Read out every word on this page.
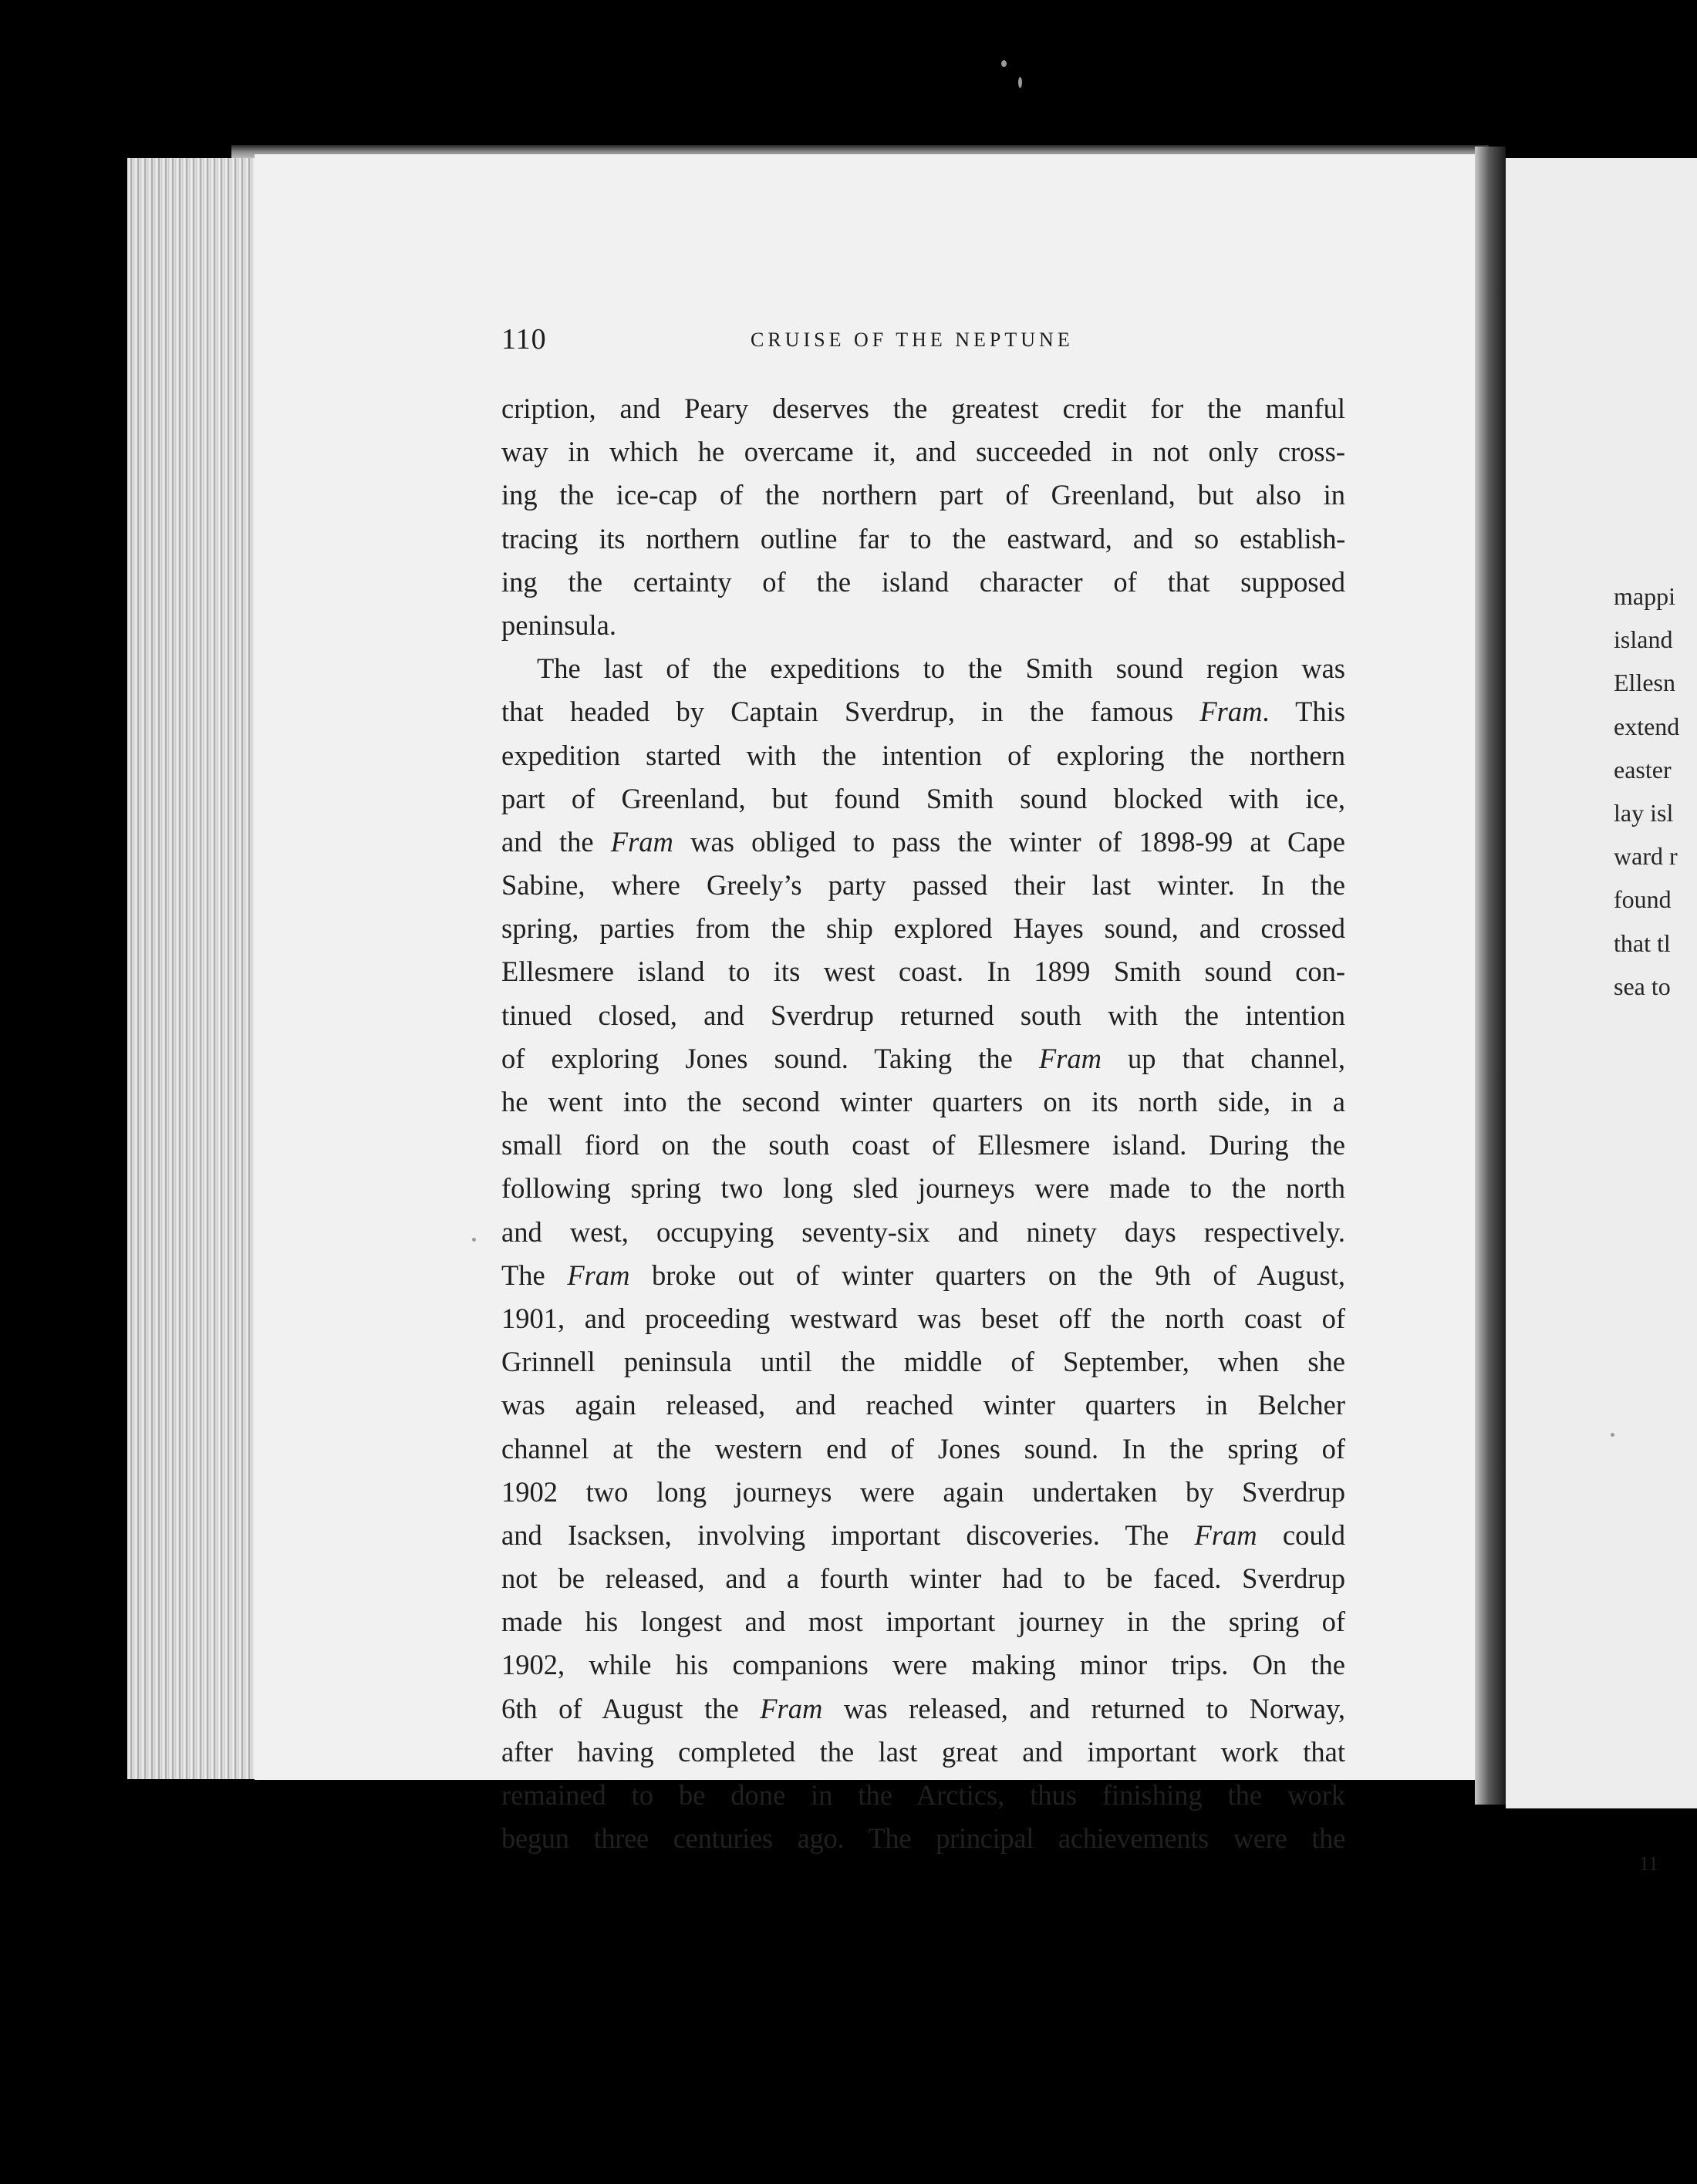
mappi
island
Ellesn
extend
easter
lay isl
ward r
found
that tl
sea to
110	CRUISE OF THE NEPTUNE
cription, and Peary deserves the greatest credit for the manful
way in which he overcame it, and succeeded in not only cross-
ing the ice-cap of the northern part of Greenland, but also in
tracing its northern outline far to the eastward, and so establish-
ing the certainty of the island character of that supposed
peninsula.
The last of the expeditions to the Smith sound region was
that headed by Captain Sverdrup, in the famous Fram. This
expedition started with the intention of exploring the northern
part of Greenland, but found Smith sound blocked with ice,
and the Fram was obliged to pass the winter of 1898-99 at Cape
Sabine, where Greely’s party passed their last winter. In the
spring, parties from the ship explored Hayes sound, and crossed
Ellesmere island to its west coast. In 1899 Smith sound con-
tinued closed, and Sverdrup returned south with the intention
of exploring Jones sound. Taking the Fram up that channel,
he went into the second winter quarters on its north side, in a
small fiord on the south coast of Ellesmere island. During the
following spring two long sled journeys were made to the north
and west, occupying seventy-six and ninety days respectively.
The Fram broke out of winter quarters on the 9th of August,
1901, and proceeding westward was beset off the north coast of
Grinnell peninsula until the middle of September, when she
was again released, and reached winter quarters in Belcher
channel at the western end of Jones sound. In the spring of
1902 two long journeys were again undertaken by Sverdrup
and Isacksen, involving important discoveries. The Fram could
not be released, and a fourth winter had to be faced. Sverdrup
made his longest and most important journey in the spring of
1902, while his companions were making minor trips. On the
6th of August the Fram was released, and returned to Norway,
after having completed the last great and important work that
remained to be done in the Arctics, thus finishing the work
begun three centuries ago. The principal achievements were the
11
